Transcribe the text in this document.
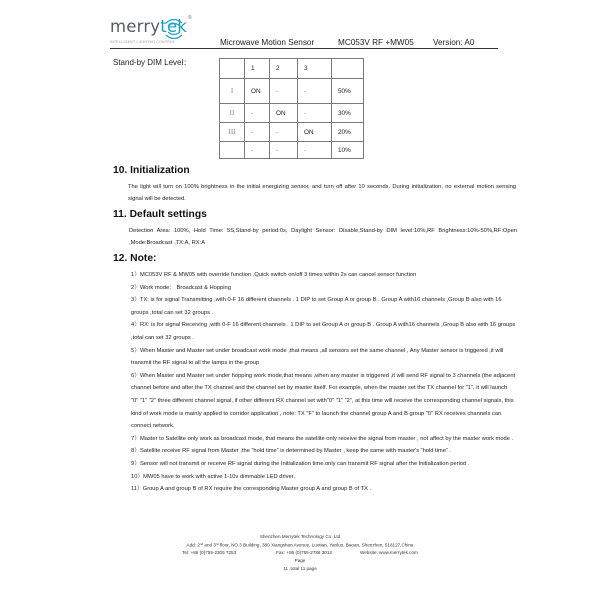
merrytek ®
INTELLIGENT LIGHTING CONTROL	Microwave Motion Sensor	MC053V RF +MW05 Version: A0
Stand-by DIM Level：
	1	2	3	
I	ON	-	-	50%
II	-	ON	-	30%
III	-	-	ON	20%
	-	-	-	10%
10. Initialization
The light will turn on 100% brightness in the initial energizing sensor, and turn off after 10 seconds. During initialization, no external motion sensing signal will be detected.
11. Default settings
Detection Area: 100%, Hold Time: 5S,Stand-by period:0s, Daylight Sensor: Disable,Stand-by DIM level:10%,RF Brightness:10%-50%,RF:Open ,Mode:Broadcast ,TX:A, RX:A
12. Note:

1）MC053V RF & MW05 with override function ,Quick switch on/off 3 times within 2s can cancel sensor function

2）Work mode： Broadcast & Hopping

3）TX: is for signal Transmitting ,with 0-F 16 different channels . 1 DIP to set Group A or group B . Group A with16 channels ,Group B also with 16 groups ,total can set 32 groups .

4）RX: is for signal Receiving ,with 0-F 16 different channels . 1 DIP to set Group A or group B . Group A with16 channels ,Group B also with 16 groups ,total can set 32 groups .

5）When Master and Master set under broadcast work mode ,that means ,all sensors set the same channel , Any Master sensor is triggered ,it will transmit the RF signal to all the lamps in the group

6）When Master and Master set under hopping work mode,that means ,when any master is triggered ,it will send RF signal to 3 channels (the adjacent channel before and after the TX channel and the channel set by master itself. For example, when the master set the TX channel for "1", it will launch "0" "1" "2" three different channel signal, if other different RX channel set with"0" "1" "2", at this time will receive the corresponding channel signals, this kind of work mode is mainly applied to corridor application , note: TX "F" to launch the channel group A and B group "0" RX receives channels can connect network.

7）Master to Satellite only work as broadcast mode, that means the satellite only receive the signal from master , not affect by the master work mode .

8）Satellite receive RF signal from Master ,the “hold time” is determined by Master , keep the same with master's “hold time” .

9）Sensor will not transmit or receive RF signal during the Initialization time.only can transmit RF signal after the Initialization period .

10）MW05 have to work with active 1-10v dimmable LED driver.

11）Group A and group B of RX require the corresponding Master group A and group B of TX .

Shenzhen Merrytek Technology Co.,Ltd
Add: 2nd and 3rd floor, NO.3 Building, 380 Xiangshan Avenue, Luotian, Yanluo, Baoan, Shenzhen, 518127,China
Tel: +86 (0)755-2305 7253	Fax: +86 (0)755-2786 3012	Website: www.merrytek.com
Page
11 ,total 11 page
